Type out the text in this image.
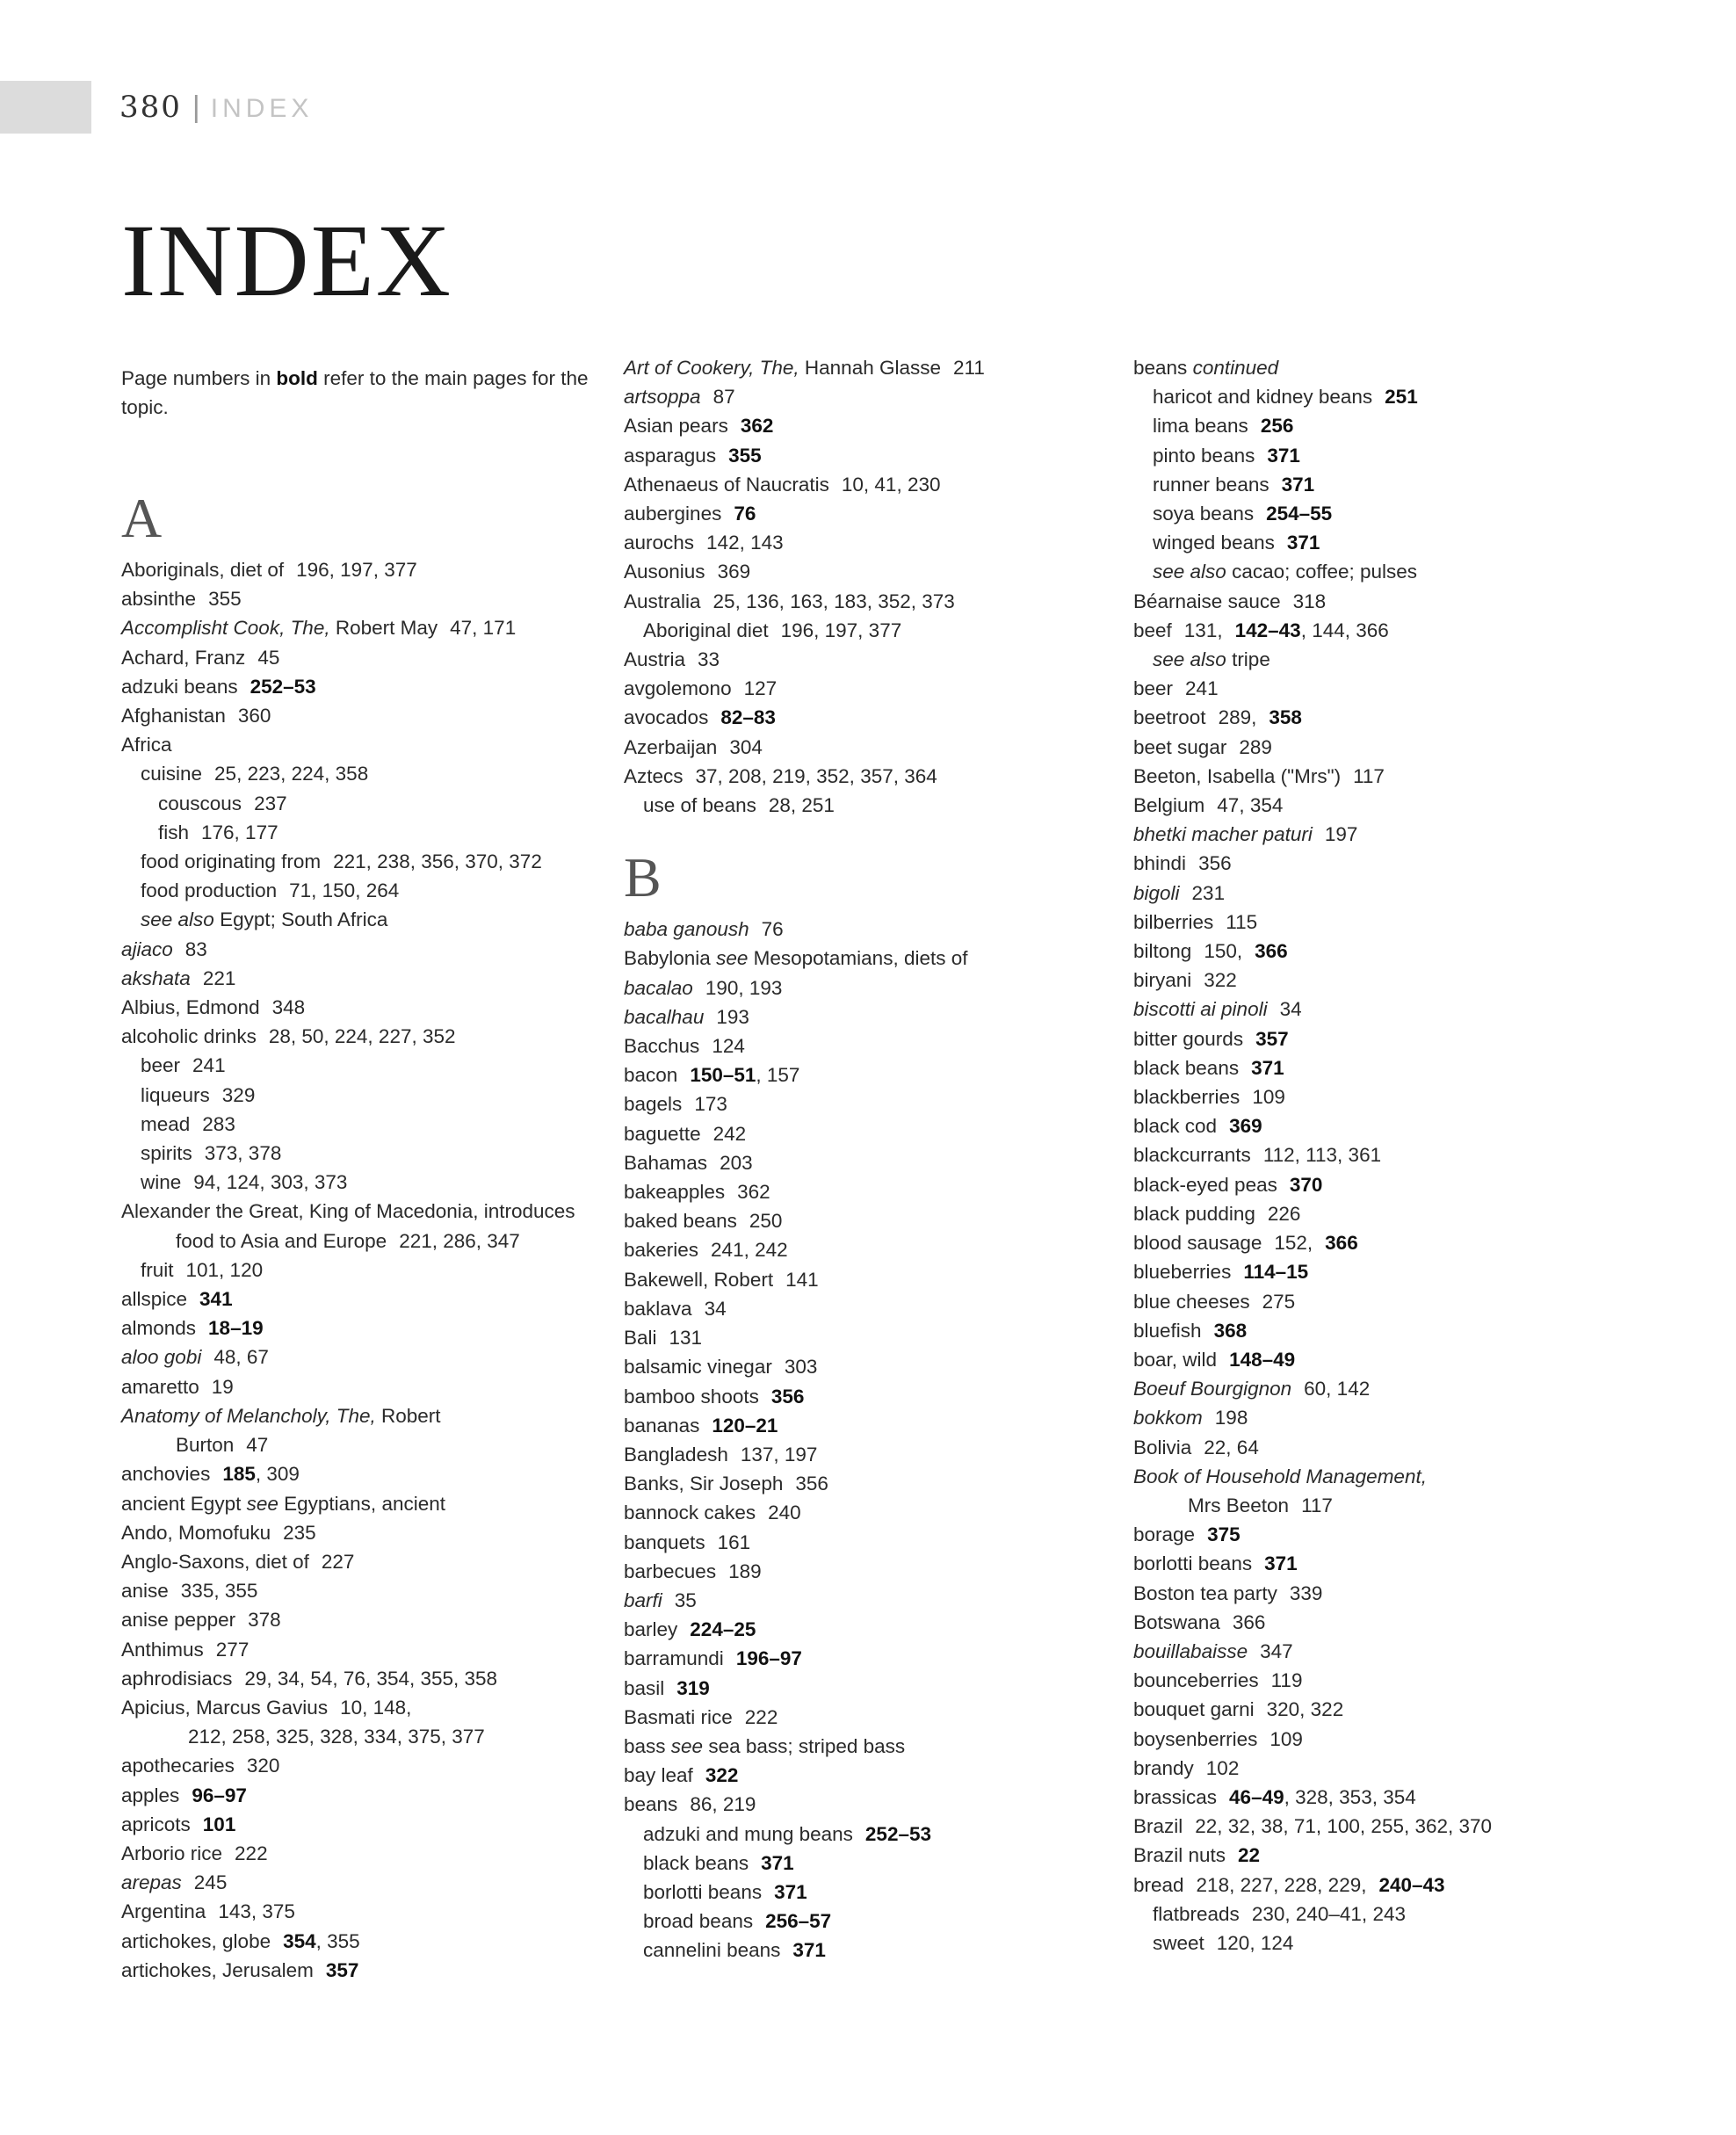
380 | INDEX
INDEX
Page numbers in bold refer to the main pages for the topic.
A
Aboriginals, diet of 196, 197, 377
absinthe 355
Accomplisht Cook, The, Robert May 47, 171
Achard, Franz 45
adzuki beans 252–53
Afghanistan 360
Africa
cuisine 25, 223, 224, 358
couscous 237
fish 176, 177
food originating from 221, 238, 356, 370, 372
food production 71, 150, 264
see also Egypt; South Africa
ajiaco 83
akshata 221
Albius, Edmond 348
alcoholic drinks 28, 50, 224, 227, 352
beer 241
liqueurs 329
mead 283
spirits 373, 378
wine 94, 124, 303, 373
Alexander the Great, King of Macedonia, introduces
food to Asia and Europe 221, 286, 347
fruit 101, 120
allspice 341
almonds 18–19
aloo gobi 48, 67
amaretto 19
Anatomy of Melancholy, The, Robert
Burton 47
anchovies 185, 309
ancient Egypt see Egyptians, ancient
Ando, Momofuku 235
Anglo-Saxons, diet of 227
anise 335, 355
anise pepper 378
Anthimus 277
aphrodisiacs 29, 34, 54, 76, 354, 355, 358
Apicius, Marcus Gavius 10, 148,
212, 258, 325, 328, 334, 375, 377
apothecaries 320
apples 96–97
apricots 101
Arborio rice 222
arepas 245
Argentina 143, 375
artichokes, globe 354, 355
artichokes, Jerusalem 357
Art of Cookery, The, Hannah Glasse 211
artsoppa 87
Asian pears 362
asparagus 355
Athenaeus of Naucratis 10, 41, 230
aubergines 76
aurochs 142, 143
Ausonius 369
Australia 25, 136, 163, 183, 352, 373
Aboriginal diet 196, 197, 377
Austria 33
avgolemono 127
avocados 82–83
Azerbaijan 304
Aztecs 37, 208, 219, 352, 357, 364
use of beans 28, 251
B
baba ganoush 76
Babylonia see Mesopotamians, diets of
bacalao 190, 193
bacalhau 193
Bacchus 124
bacon 150–51, 157
bagels 173
baguette 242
Bahamas 203
bakeapples 362
baked beans 250
bakeries 241, 242
Bakewell, Robert 141
baklava 34
Bali 131
balsamic vinegar 303
bamboo shoots 356
bananas 120–21
Bangladesh 137, 197
Banks, Sir Joseph 356
bannock cakes 240
banquets 161
barbecues 189
barfi 35
barley 224–25
barramundi 196–97
basil 319
Basmati rice 222
bass see sea bass; striped bass
bay leaf 322
beans 86, 219
adzuki and mung beans 252–53
black beans 371
borlotti beans 371
broad beans 256–57
cannelini beans 371
beans continued
haricot and kidney beans 251
lima beans 256
pinto beans 371
runner beans 371
soya beans 254–55
winged beans 371
see also cacao; coffee; pulses
Béarnaise sauce 318
beef 131, 142–43, 144, 366
see also tripe
beer 241
beetroot 289, 358
beet sugar 289
Beeton, Isabella ("Mrs") 117
Belgium 47, 354
bhetki macher paturi 197
bhindi 356
bigoli 231
bilberries 115
biltong 150, 366
biryani 322
biscotti ai pinoli 34
bitter gourds 357
black beans 371
blackberries 109
black cod 369
blackcurrants 112, 113, 361
black-eyed peas 370
black pudding 226
blood sausage 152, 366
blueberries 114–15
blue cheeses 275
bluefish 368
boar, wild 148–49
Boeuf Bourgignon 60, 142
bokkom 198
Bolivia 22, 64
Book of Household Management,
Mrs Beeton 117
borage 375
borlotti beans 371
Boston tea party 339
Botswana 366
bouillabaisse 347
bounceberries 119
bouquet garni 320, 322
boysenberries 109
brandy 102
brassicas 46–49, 328, 353, 354
Brazil 22, 32, 38, 71, 100, 255, 362, 370
Brazil nuts 22
bread 218, 227, 228, 229, 240–43
flatbreads 230, 240–41, 243
sweet 120, 124
